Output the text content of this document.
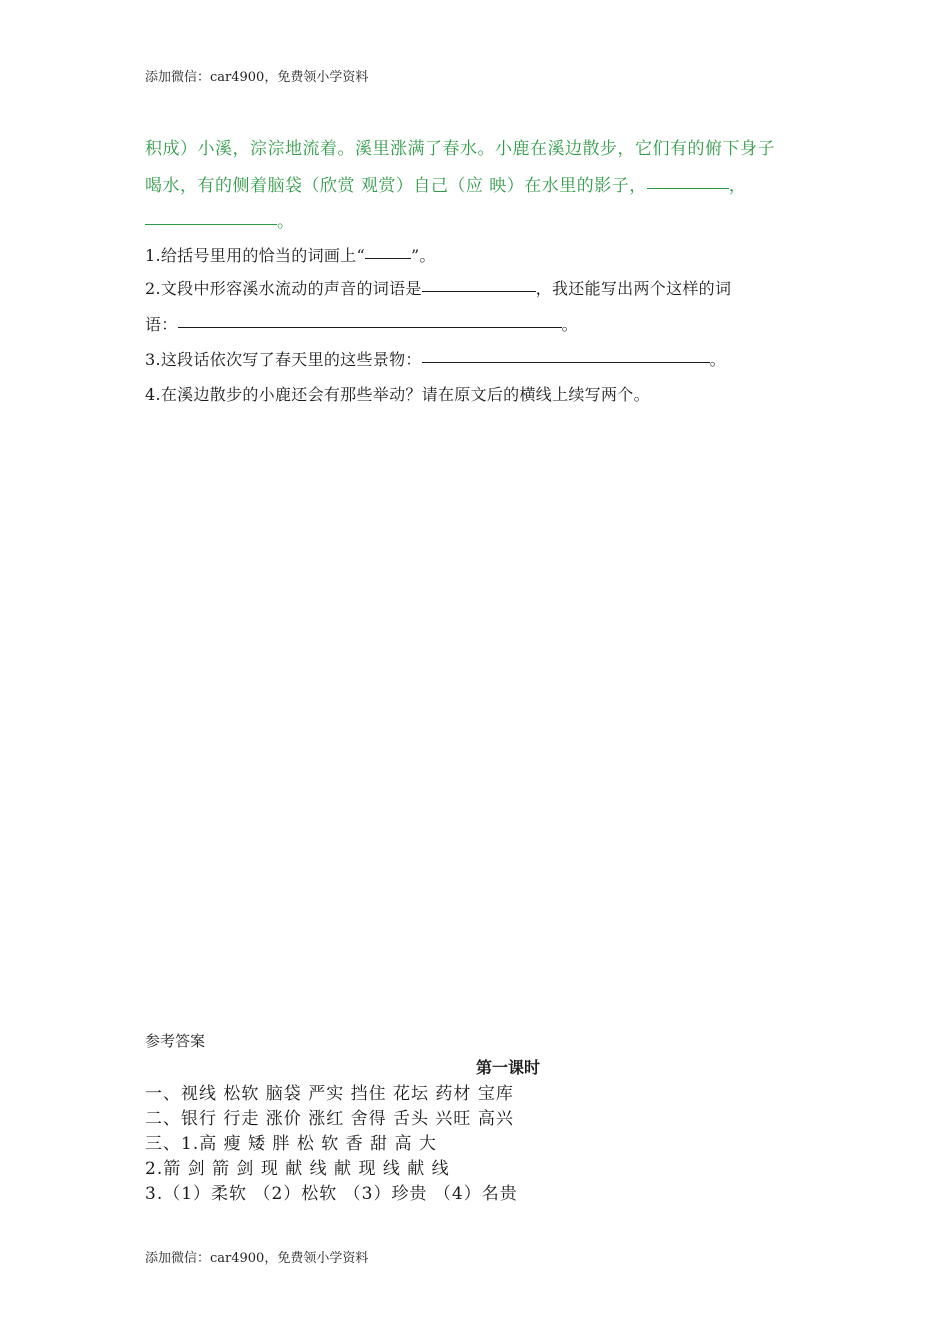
添加微信：car4900，免费领小学资料
积成）小溪，淙淙地流着。溪里涨满了春水。小鹿在溪边散步，它们有的俯下身子
喝水，有的侧着脑袋（欣赏 观赏）自己（应 映）在水里的影子，	，
。
1.给括号里用的恰当的词画上“	”。
2.文段中形容溪水流动的声音的词语是	，我还能写出两个这样的词
语：	。
3.这段话依次写了春天里的这些景物：	。
4.在溪边散步的小鹿还会有那些举动？请在原文后的横线上续写两个。
参考答案
第一课时
一、视线 松软 脑袋 严实 挡住 花坛 药材 宝库
二、银行 行走 涨价 涨红 舍得 舌头 兴旺 高兴
三、1.高 瘦 矮 胖 松 软 香 甜 高 大
2.箭 剑 箭 剑 现 献 线 献 现 线 献 线
3.（1）柔软 （2）松软 （3）珍贵 （4）名贵
添加微信：car4900，免费领小学资料
